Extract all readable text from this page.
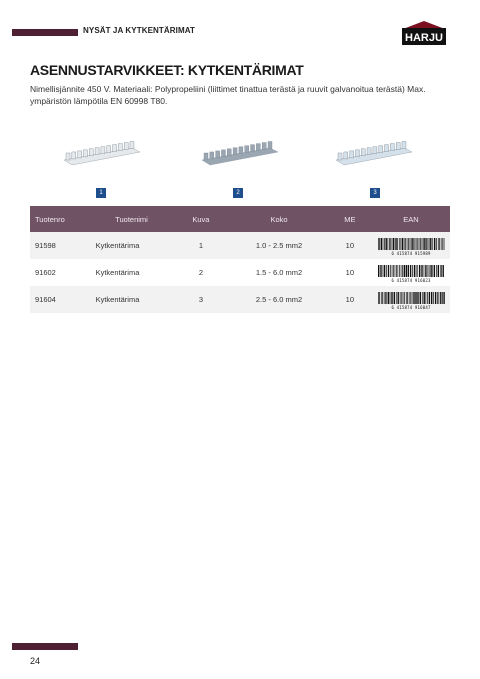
NYSÄT JA KYTKENTÄRIMAT
HARJU
ASENNUSTARVIKKEET: KYTKENTÄRIMAT
Nimellisjännite 450 V. Materiaali: Polypropeliini (liittimet tinattua terästä ja ruuvit galvanoitua terästä) Max. ympäristön lämpötila EN 60998 T80.
1	2	3
Tuotenro	Tuotenimi	Kuva	Koko	ME	EAN
91598	Kytkentärima	1	1.0 - 2.5 mm2	10	6 415874 915989

91602	Kytkentärima	2	1.5 - 6.0 mm2	10	6 415874 916023

91604	Kytkentärima	3	2.5 - 6.0 mm2	10	6 415874 916047
24
